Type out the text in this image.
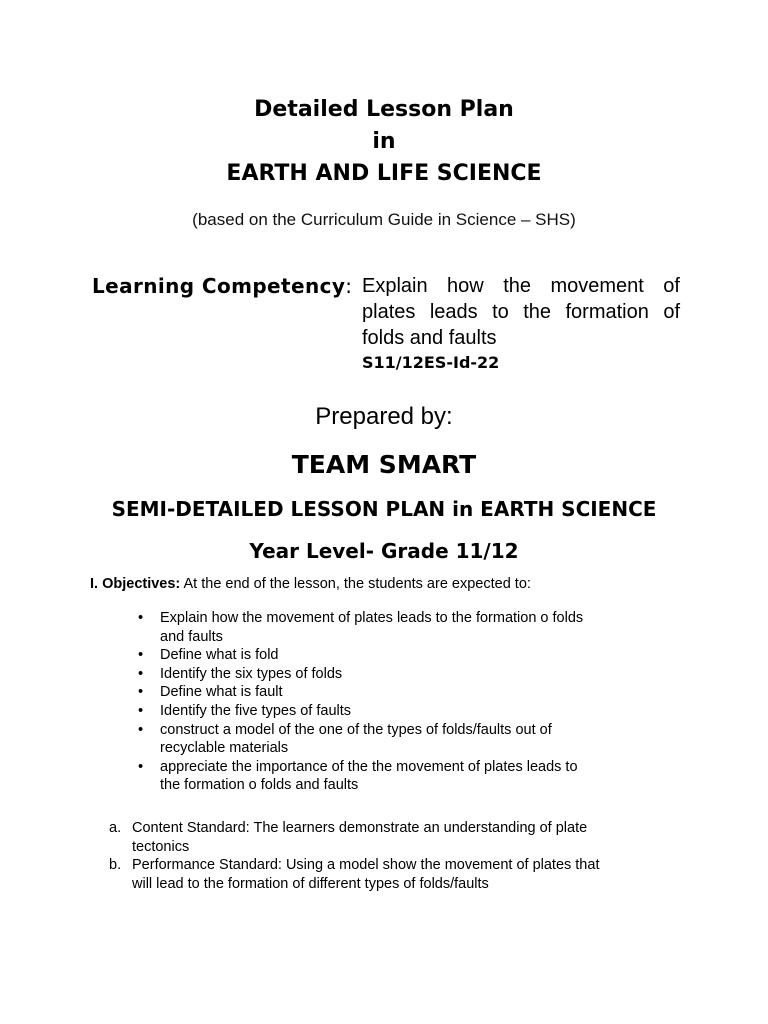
Detailed Lesson Plan
in
EARTH AND LIFE SCIENCE
(based on the Curriculum Guide in Science – SHS)
Learning Competency: Explain how the movement of
plates leads to the formation of
folds and faults
S11/12ES-Id-22
Prepared by:
TEAM SMART
SEMI-DETAILED LESSON PLAN in EARTH SCIENCE
Year Level- Grade 11/12
I. Objectives: At the end of the lesson, the students are expected to:
• Explain how the movement of plates leads to the formation o folds
and faults
• Define what is fold
• Identify the six types of folds
• Define what is fault
• Identify the five types of faults
• construct a model of the one of the types of folds/faults out of
recyclable materials
• appreciate the importance of the the movement of plates leads to
the formation o folds and faults
a. Content Standard: The learners demonstrate an understanding of plate
tectonics
b. Performance Standard: Using a model show the movement of plates that
will lead to the formation of different types of folds/faults
